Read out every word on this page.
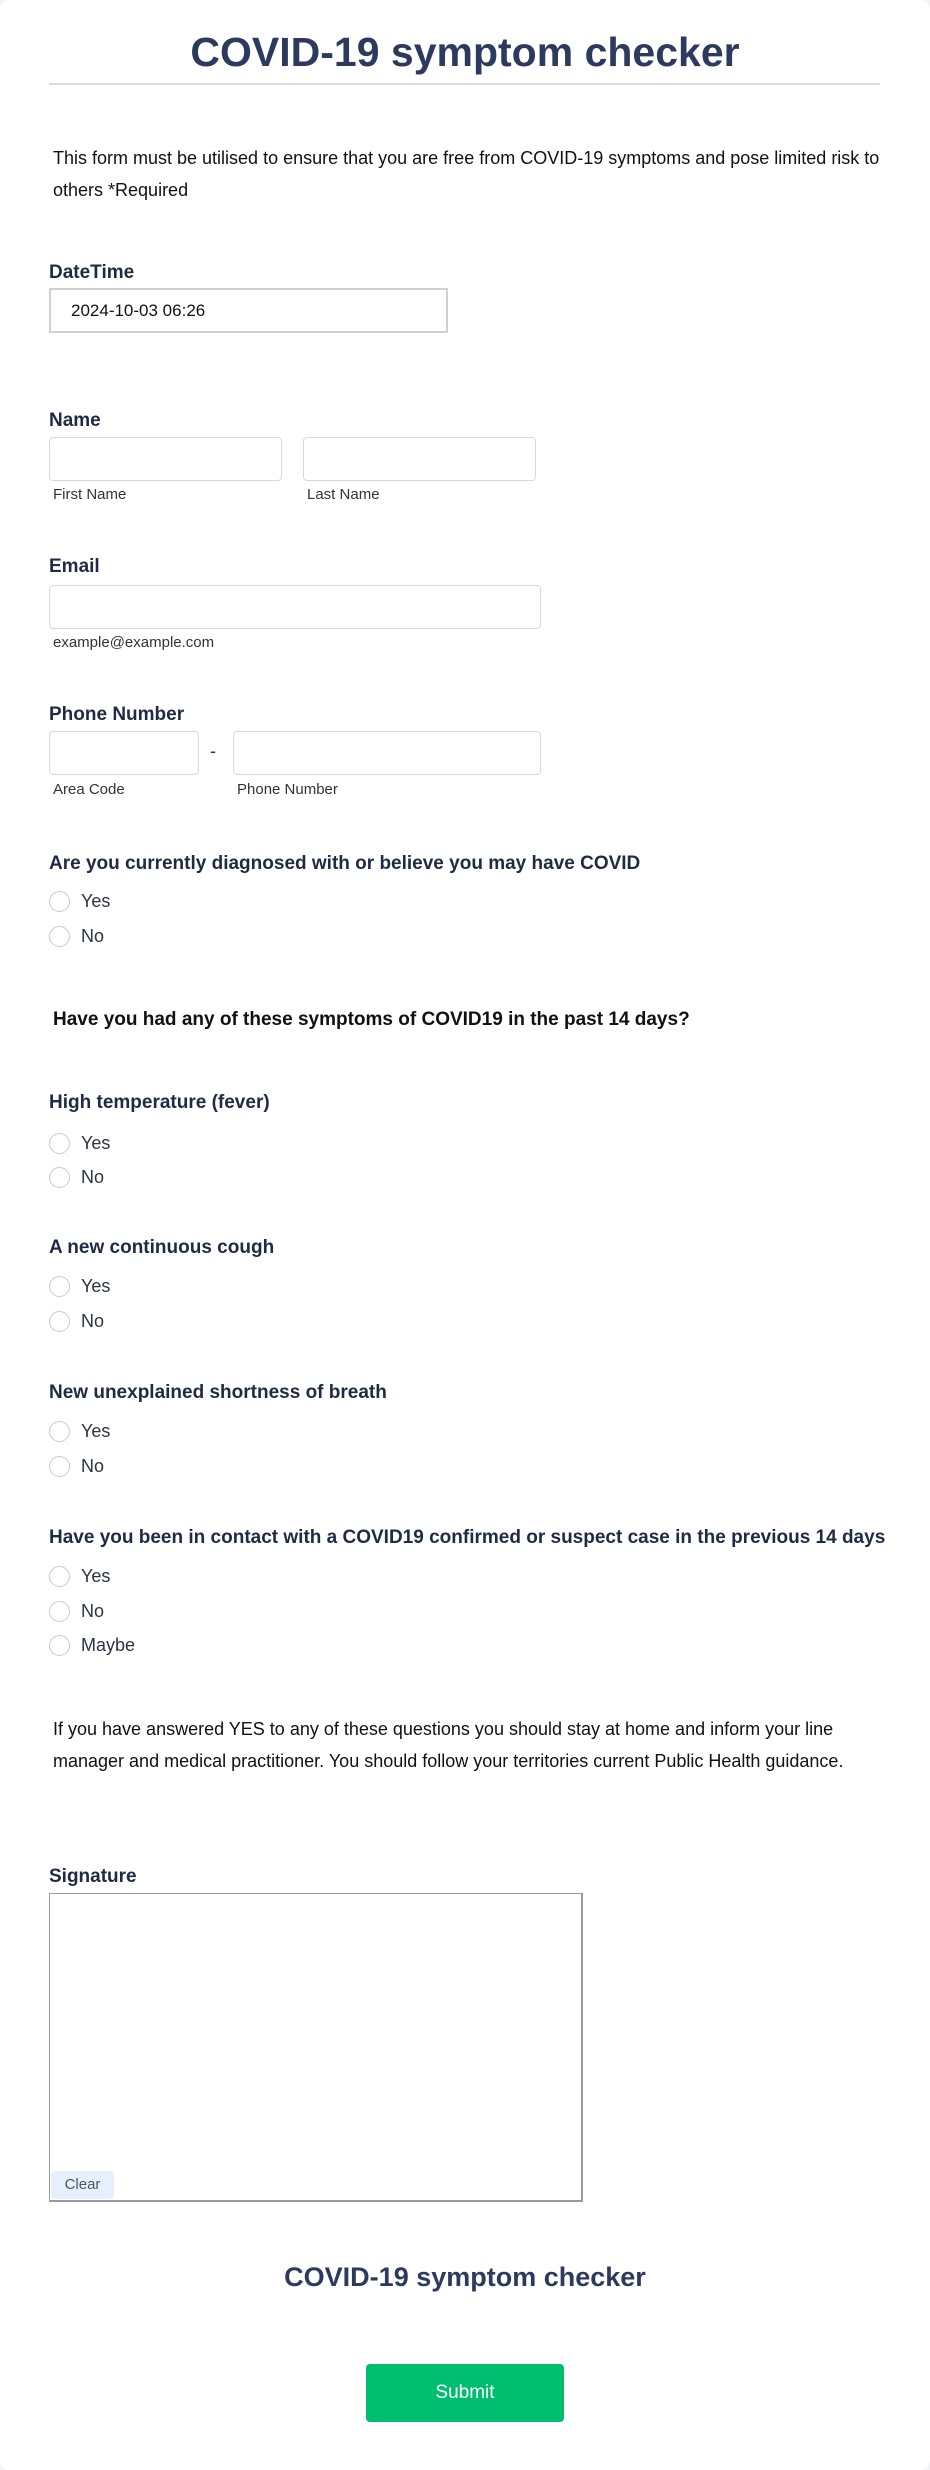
COVID-19 symptom checker
This form must be utilised to ensure that you are free from COVID-19 symptoms and pose limited risk to others *Required
DateTime
2024-10-03 06:26
Name
First Name	Last Name
Email
example@example.com
Phone Number
-
Area Code	Phone Number
Are you currently diagnosed with or believe you may have COVID
Yes
No
Have you had any of these symptoms of COVID19 in the past 14 days?
High temperature (fever)
Yes
No
A new continuous cough
Yes
No
New unexplained shortness of breath
Yes
No
Have you been in contact with a COVID19 confirmed or suspect case in the previous 14 days
Yes
No
Maybe
If you have answered YES to any of these questions you should stay at home and inform your line manager and medical practitioner. You should follow your territories current Public Health guidance.
Signature
Clear
COVID-19 symptom checker
Submit
